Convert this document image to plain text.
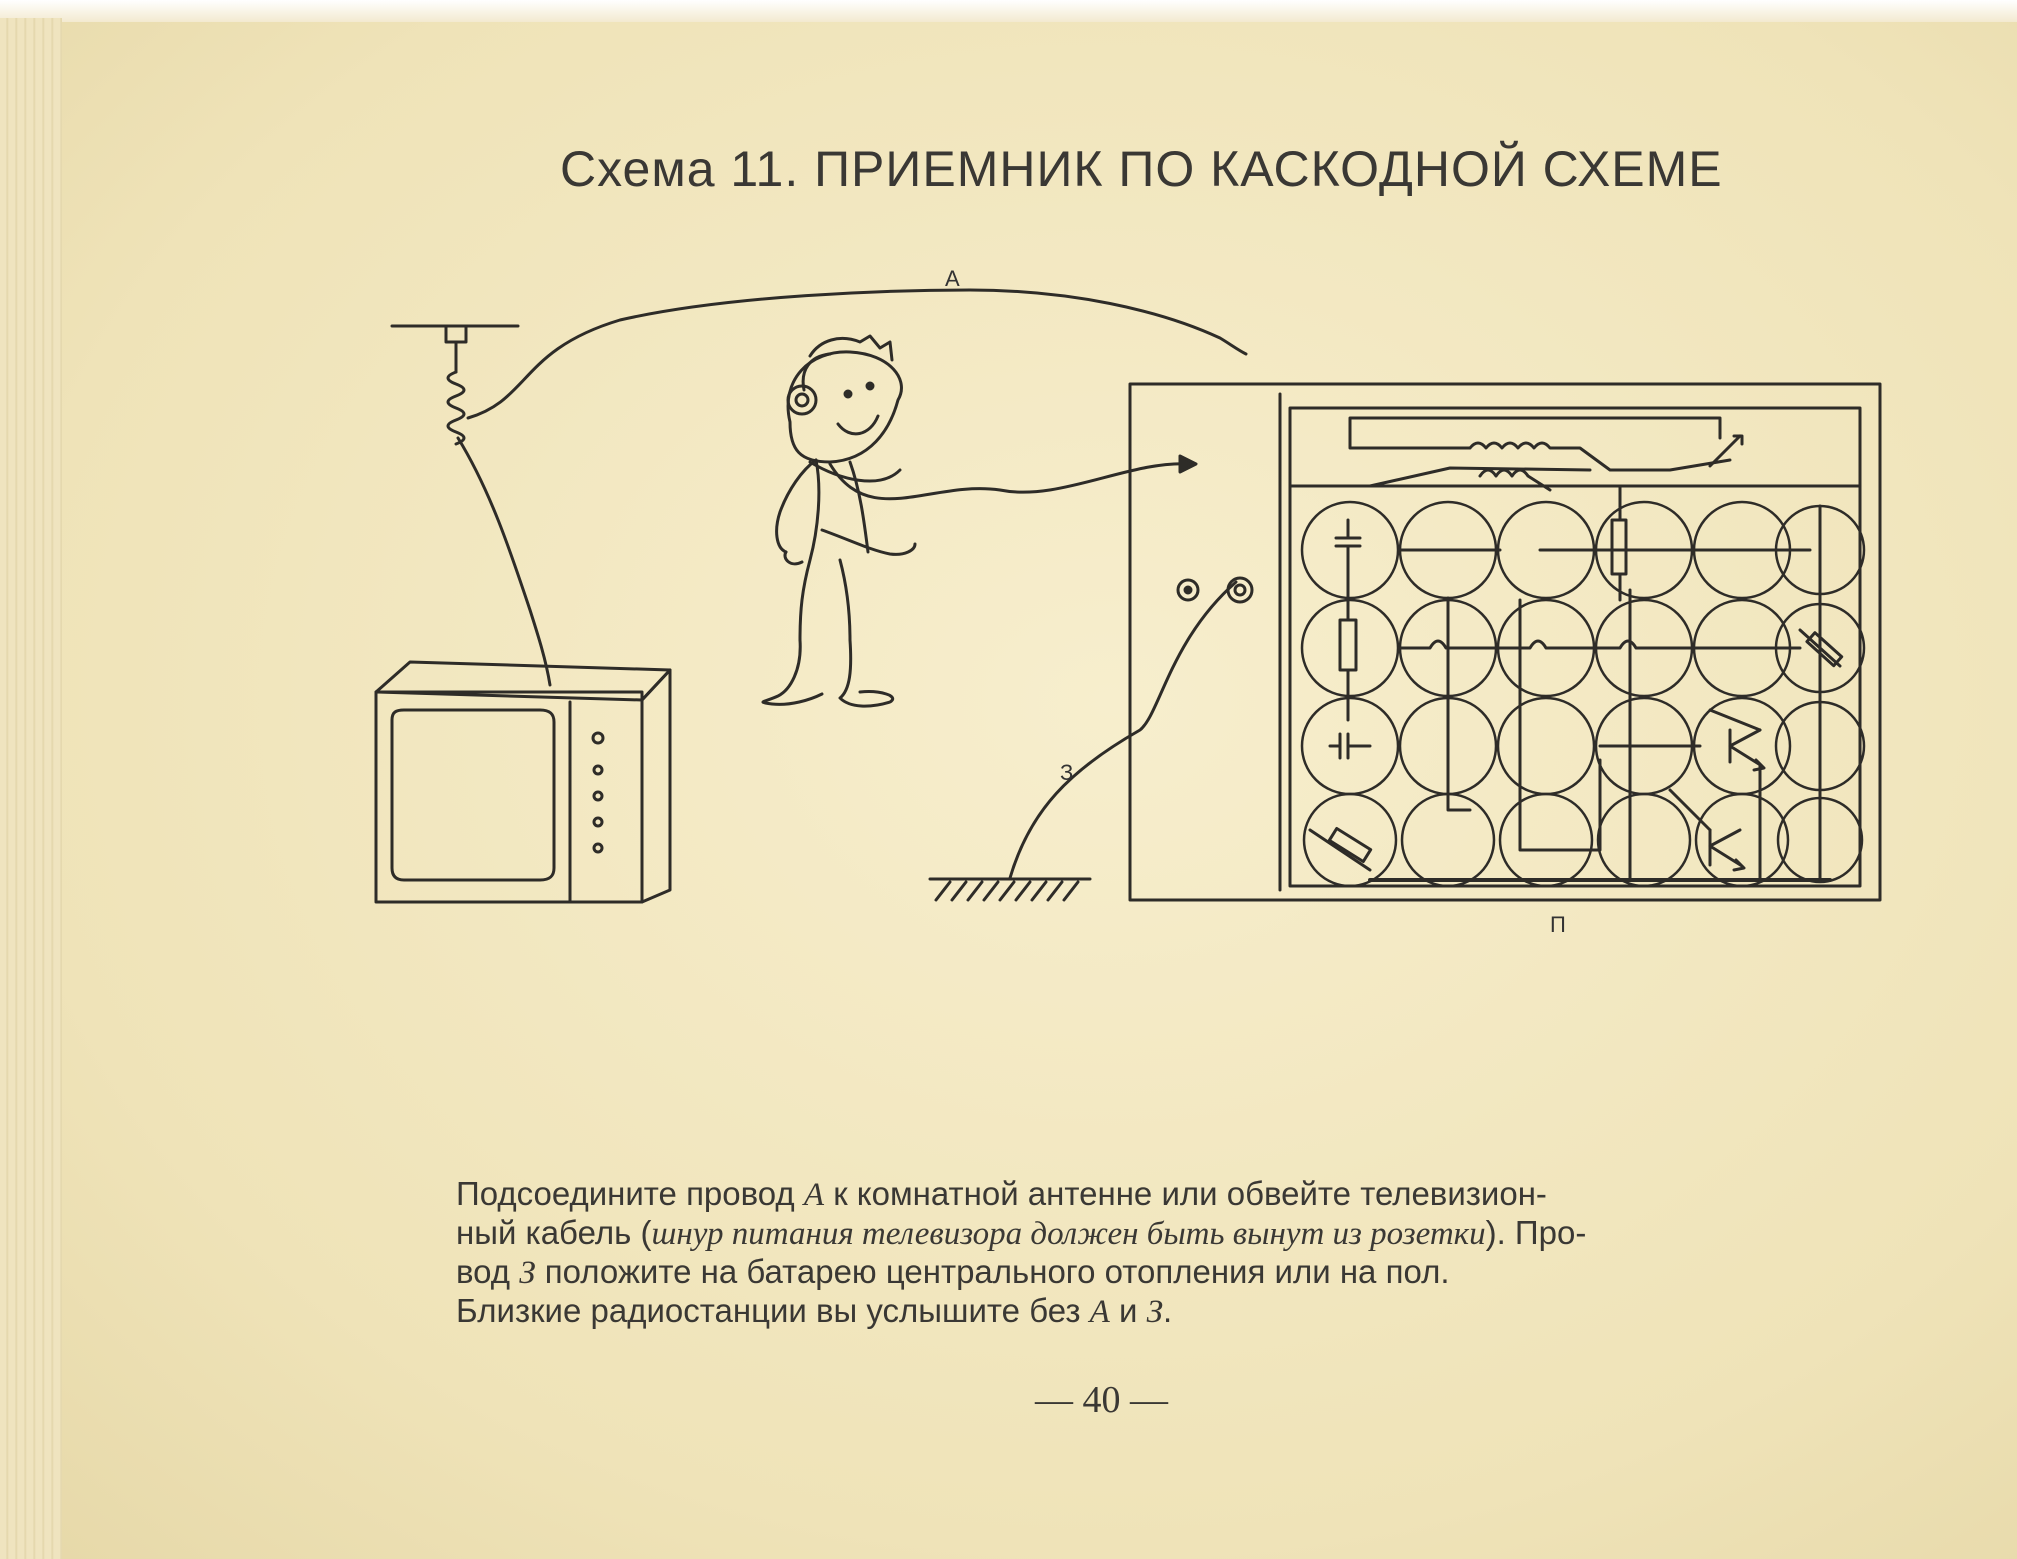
Схема 11. ПРИЕМНИК ПО КАСКОДНОЙ СХЕМЕ
А
З
П

Подсоедините провод А к комнатной антенне или обвейте телевизион-

ный кабель (шнур питания телевизора должен быть вынут из розетки). Про-

вод З положите на батарею центрального отопления или на пол.

Близкие радиостанции вы услышите без А и З.

— 40 —
